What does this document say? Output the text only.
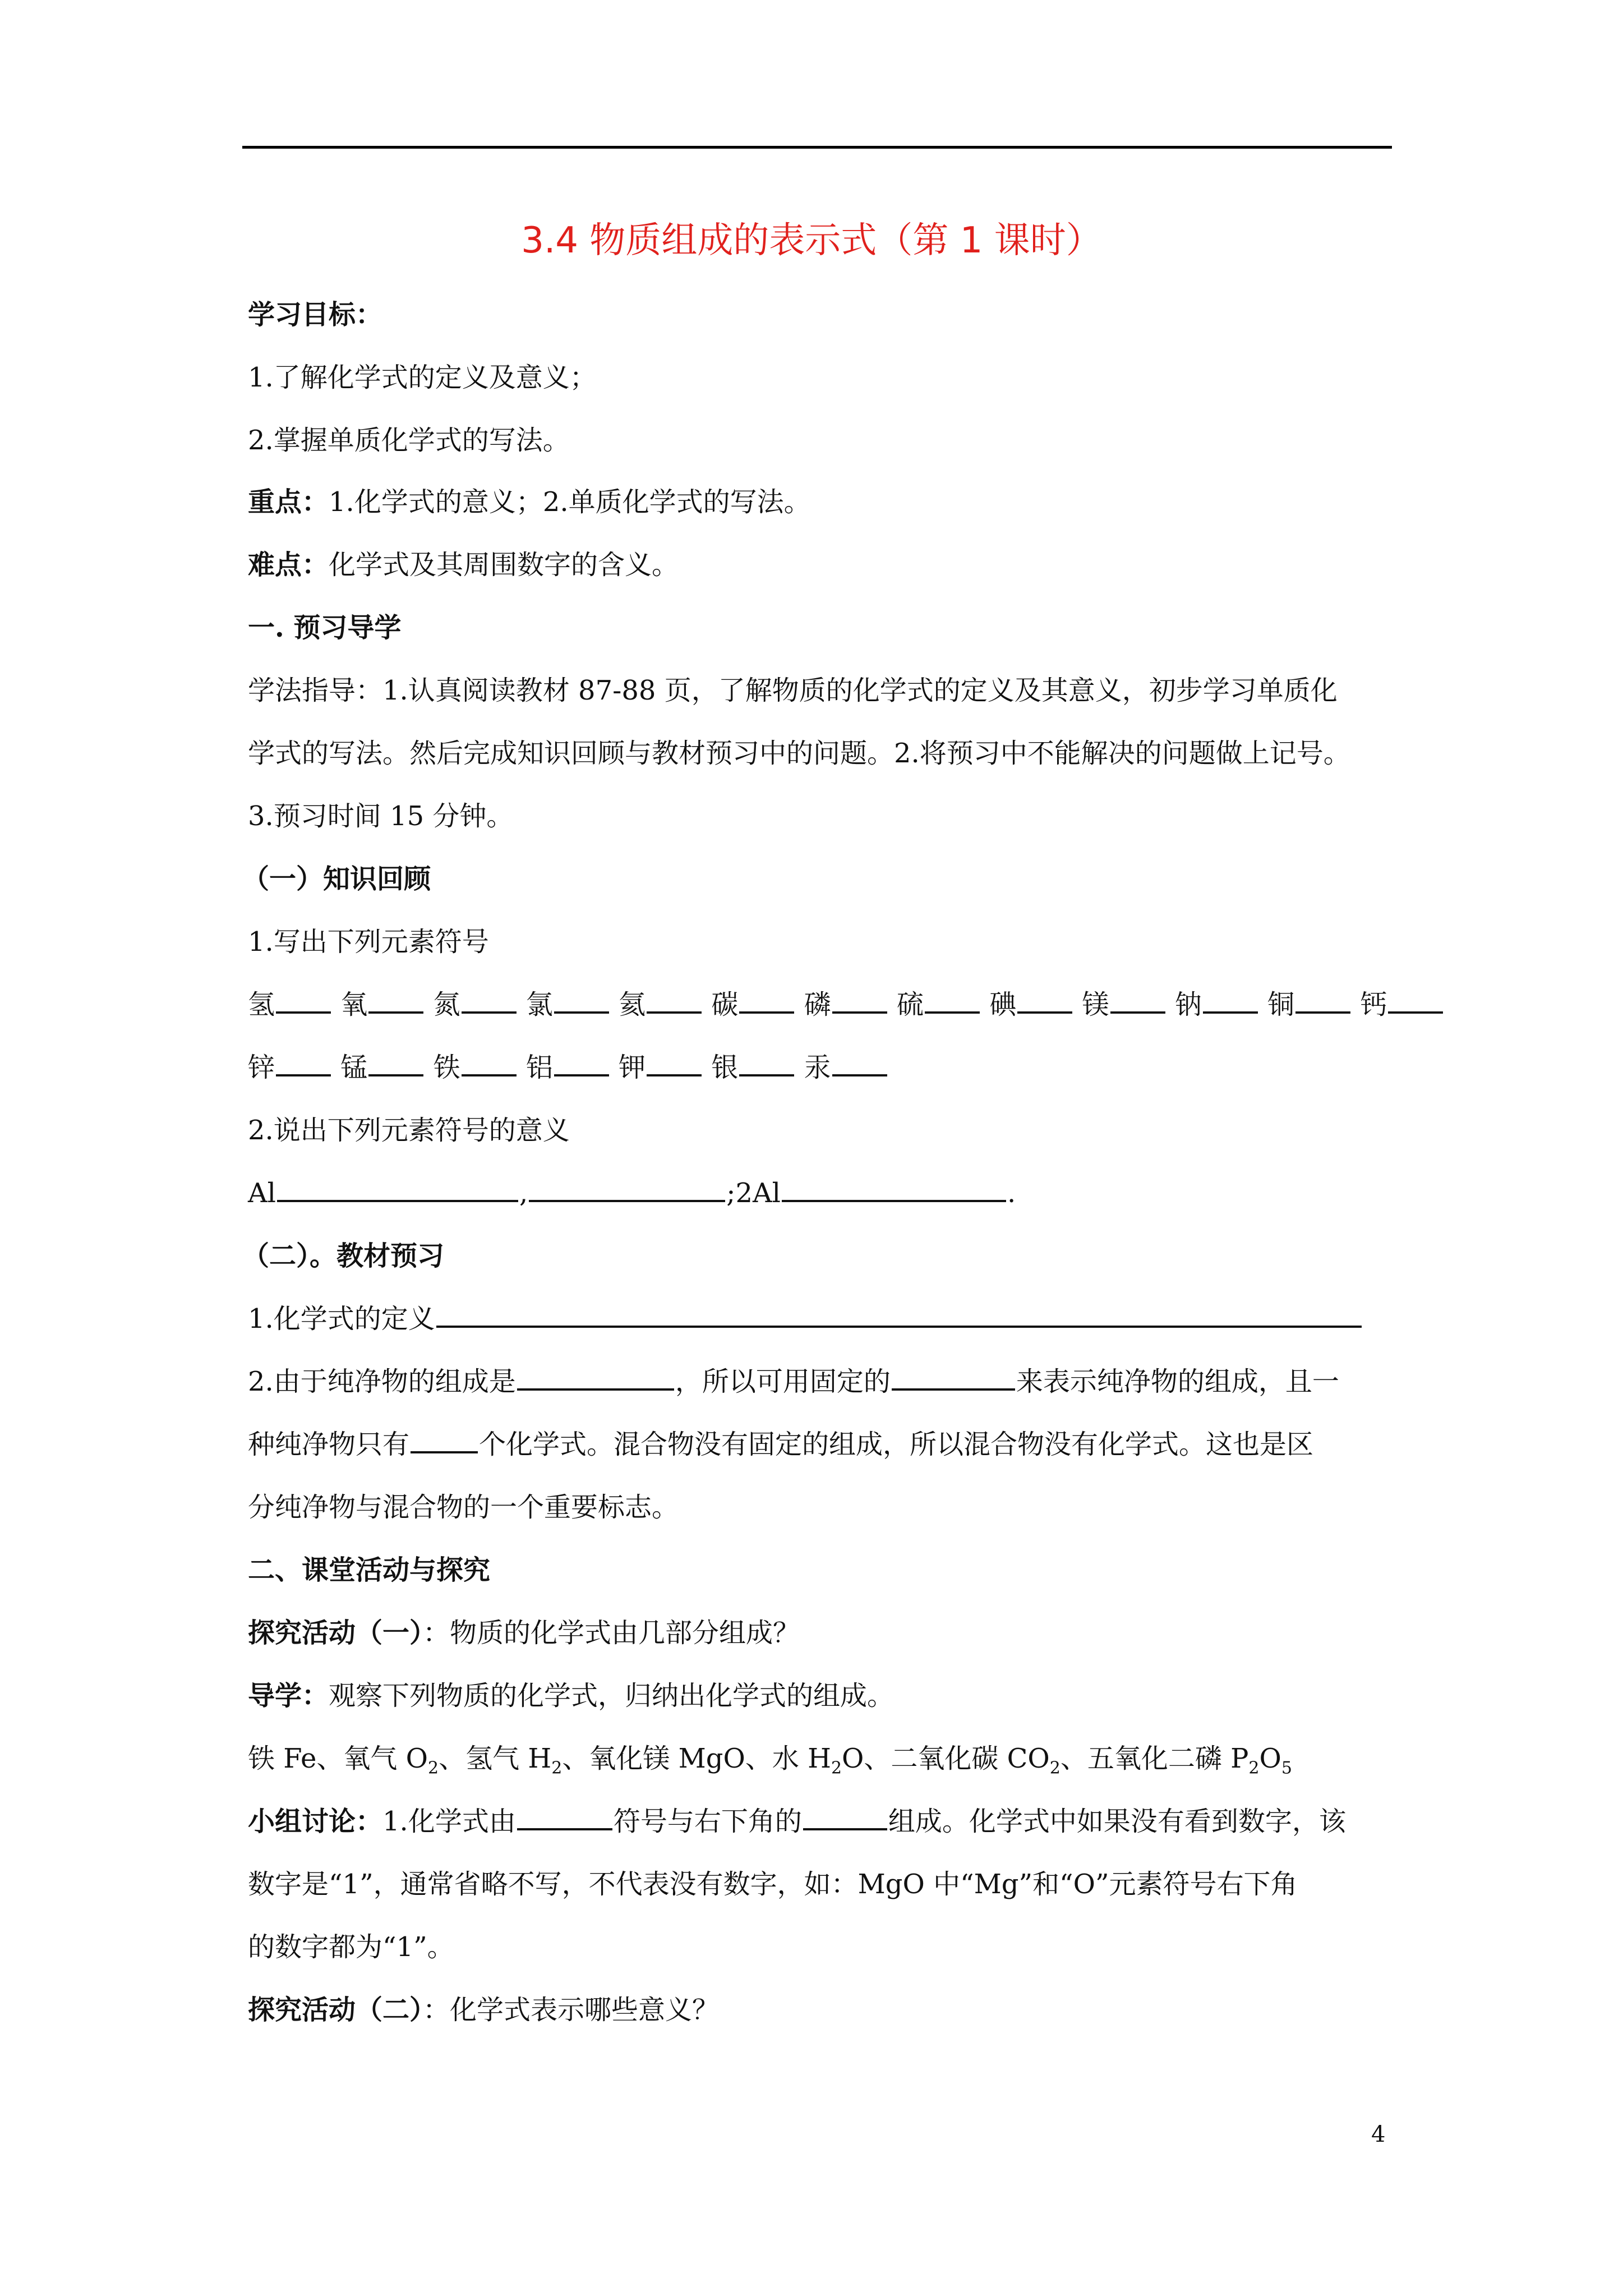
3.4 物质组成的表示式（第 1 课时）
学习目标：
1.了解化学式的定义及意义；
2.掌握单质化学式的写法。
重点：1.化学式的意义；2.单质化学式的写法。
难点：化学式及其周围数字的含义。
一. 预习导学
学法指导：1.认真阅读教材 87-88 页，了解物质的化学式的定义及其意义，初步学习单质化
学式的写法。然后完成知识回顾与教材预习中的问题。2.将预习中不能解决的问题做上记号。
3.预习时间 15 分钟。
（一）知识回顾
1.写出下列元素符号
氢 氧 氮 氯 氦 碳 磷 硫 碘 镁 钠 铜 钙
锌 锰 铁 铝 钾 银 汞
2.说出下列元素符号的意义
Al	,	;2Al	.
（二）。教材预习
1.化学式的定义
2.由于纯净物的组成是	，所以可用固定的	来表示纯净物的组成，且一
种纯净物只有	个化学式。混合物没有固定的组成，所以混合物没有化学式。这也是区
分纯净物与混合物的一个重要标志。
二、课堂活动与探究
探究活动（一）：物质的化学式由几部分组成？
导学：观察下列物质的化学式，归纳出化学式的组成。
铁 Fe、氧气 $O_2$、氢气 $H_2$、氧化镁 MgO、水 $H_2O$、二氧化碳 $CO_2$、五氧化二磷 $P_2O_5$
小组讨论：1.化学式由	符号与右下角的	组成。化学式中如果没有看到数字，该
数字是“1”，通常省略不写，不代表没有数字，如：MgO 中“Mg”和“O”元素符号右下角
的数字都为“1”。
探究活动（二）：化学式表示哪些意义？
4
